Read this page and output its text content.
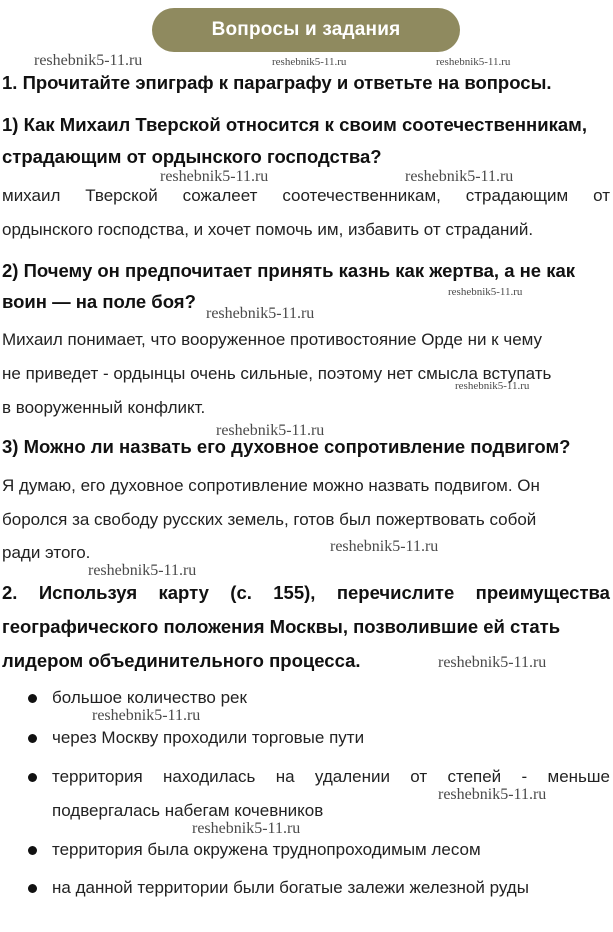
Вопросы и задания
1. Прочитайте эпиграф к параграфу и ответьте на вопросы.
1) Как Михаил Тверской относится к своим соотечественникам,
страдающим от ордынского господства?
михаил Тверской сожалеет соотечественникам, страдающим от
ордынского господства, и хочет помочь им, избавить от страданий.
2) Почему он предпочитает принять казнь как жертва, а не как
воин — на поле боя?
Михаил понимает, что вооруженное противостояние Орде ни к чему
не приведет - ордынцы очень сильные, поэтому нет смысла вступать
в вооруженный конфликт.
3) Можно ли назвать его духовное сопротивление подвигом?
Я думаю, его духовное сопротивление можно назвать подвигом. Он
боролся за свободу русских земель, готов был пожертвовать собой
ради этого.
2. Используя карту (с. 155), перечислите преимущества
географического положения Москвы, позволившие ей стать
лидером объединительного процесса.
большое количество рек
через Москву проходили торговые пути
территория находилась на удалении от степей - меньше
подвергалась набегам кочевников
территория была окружена труднопроходимым лесом
на данной территории были богатые залежи железной руды
reshebnik5-11.ru	reshebnik5-11.ru	reshebnik5-11.ru
reshebnik5-11.ru	reshebnik5-11.ru
reshebnik5-11.ru
reshebnik5-11.ru
reshebnik5-11.ru
reshebnik5-11.ru
reshebnik5-11.ru
reshebnik5-11.ru
reshebnik5-11.ru
reshebnik5-11.ru
reshebnik5-11.ru
reshebnik5-11.ru
